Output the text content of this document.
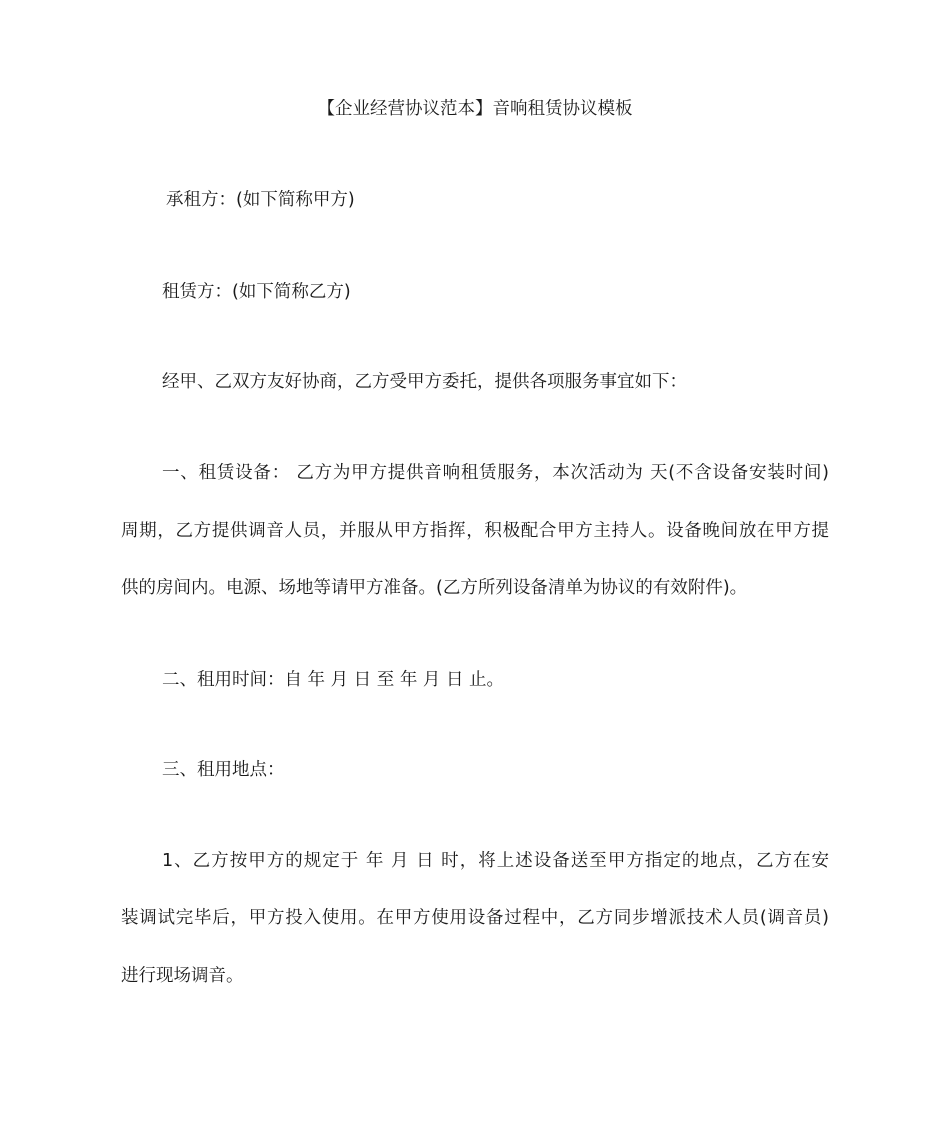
【企业经营协议范本】音响租赁协议模板
承租方：(如下简称甲方)
租赁方：(如下简称乙方)
经甲、乙双方友好协商，乙方受甲方委托，提供各项服务事宜如下：
一、租赁设备： 乙方为甲方提供音响租赁服务，本次活动为 天(不含设备安装时间)
周期，乙方提供调音人员，并服从甲方指挥，积极配合甲方主持人。设备晚间放在甲方提
供的房间内。电源、场地等请甲方准备。(乙方所列设备清单为协议的有效附件)。
二、租用时间：自 年 月 日 至 年 月 日 止。
三、租用地点：
1、乙方按甲方的规定于 年 月 日 时，将上述设备送至甲方指定的地点，乙方在安
装调试完毕后，甲方投入使用。在甲方使用设备过程中，乙方同步增派技术人员(调音员)
进行现场调音。
